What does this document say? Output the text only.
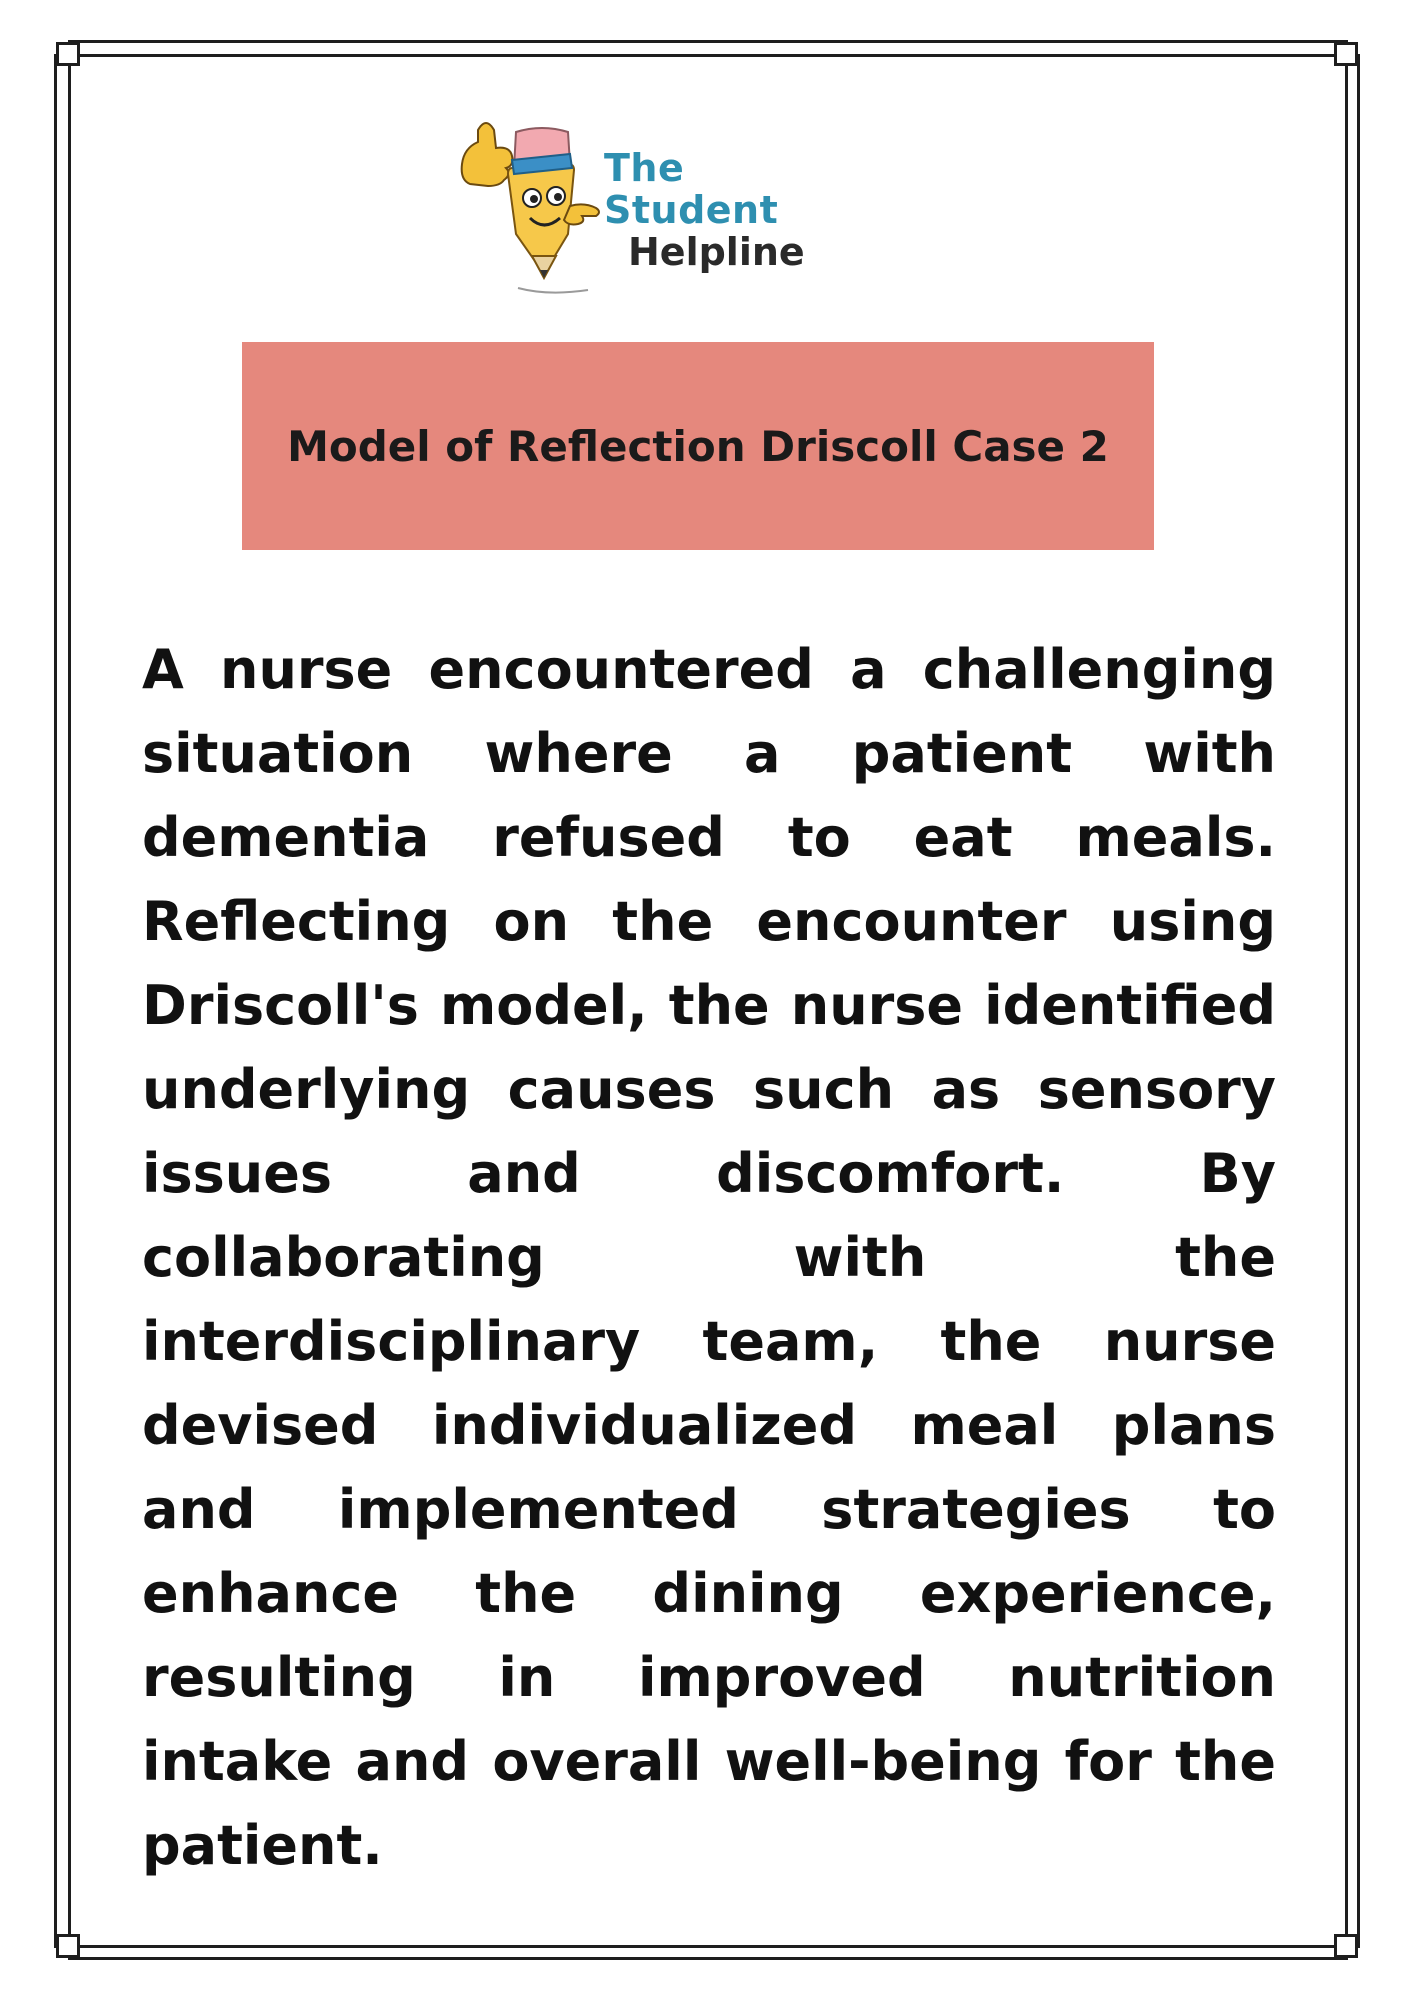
The Student
Helpline
Model of Reflection Driscoll Case 2

A nurse encountered a challenging situation where a patient with dementia refused to eat meals. Reflecting on the encounter using Driscoll's model, the nurse identified underlying causes such as sensory issues and discomfort. By collaborating with the interdisciplinary team, the nurse devised individualized meal plans and implemented strategies to enhance the dining experience, resulting in improved nutrition intake and overall well-being for the patient.
